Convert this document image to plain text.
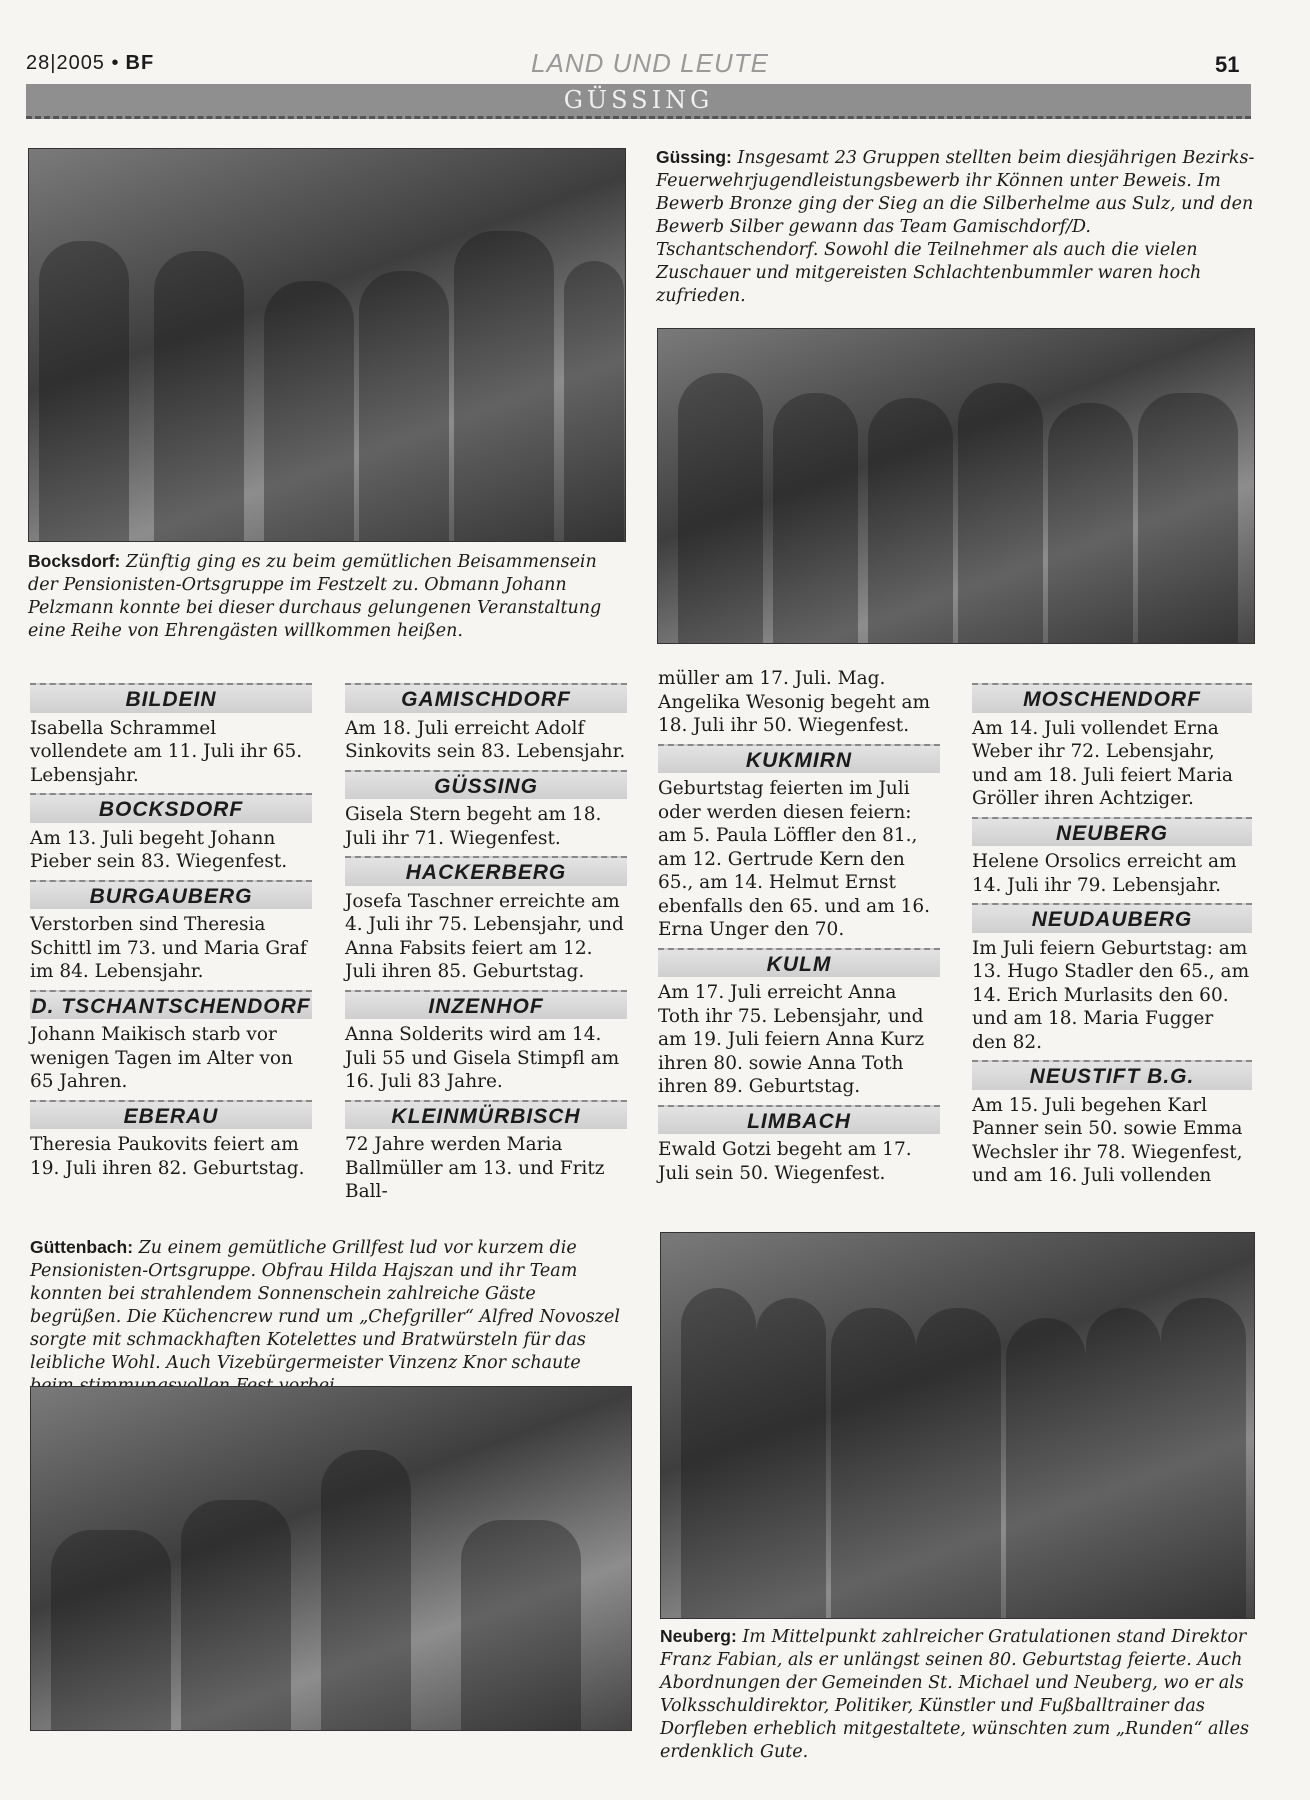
28|2005 • BF	LAND UND LEUTE	51
GÜSSING
Güssing: Insgesamt 23 Gruppen stellten beim diesjährigen Bezirks-Feuerwehrjugendleistungsbewerb ihr Können unter Beweis. Im Bewerb Bronze ging der Sieg an die Silberhelme aus Sulz, und den Bewerb Silber gewann das Team Gamischdorf/D. Tschantschendorf. Sowohl die Teilnehmer als auch die vielen Zuschauer und mitgereisten Schlachtenbummler waren hoch zufrieden.
Bocksdorf: Zünftig ging es zu beim gemütlichen Beisammensein der Pensionisten-Ortsgruppe im Festzelt zu. Obmann Johann Pelzmann konnte bei dieser durchaus gelungenen Veranstaltung eine Reihe von Ehrengästen willkommen heißen.
BILDEIN

Isabella Schrammel vollendete am 11. Juli ihr 65. Lebensjahr.

BOCKSDORF

Am 13. Juli begeht Johann Pieber sein 83. Wiegenfest.

BURGAUBERG

Verstorben sind Theresia Schittl im 73. und Maria Graf im 84. Lebensjahr.

D. TSCHANTSCHENDORF

Johann Maikisch starb vor wenigen Tagen im Alter von 65 Jahren.

EBERAU

Theresia Paukovits feiert am 19. Juli ihren 82. Geburtstag.

GAMISCHDORF

Am 18. Juli erreicht Adolf Sinkovits sein 83. Lebensjahr.

GÜSSING

Gisela Stern begeht am 18. Juli ihr 71. Wiegenfest.

HACKERBERG

Josefa Taschner erreichte am 4. Juli ihr 75. Lebensjahr, und Anna Fabsits feiert am 12. Juli ihren 85. Geburtstag.

INZENHOF

Anna Solderits wird am 14. Juli 55 und Gisela Stimpfl am 16. Juli 83 Jahre.

KLEINMÜRBISCH

72 Jahre werden Maria Ballmüller am 13. und Fritz Ball-

müller am 17. Juli. Mag. Angelika Wesonig begeht am 18. Juli ihr 50. Wiegenfest.

KUKMIRN

Geburtstag feierten im Juli oder werden diesen feiern: am 5. Paula Löffler den 81., am 12. Gertrude Kern den 65., am 14. Helmut Ernst ebenfalls den 65. und am 16. Erna Unger den 70.

KULM

Am 17. Juli erreicht Anna Toth ihr 75. Lebensjahr, und am 19. Juli feiern Anna Kurz ihren 80. sowie Anna Toth ihren 89. Geburtstag.

LIMBACH

Ewald Gotzi begeht am 17. Juli sein 50. Wiegenfest.

MOSCHENDORF

Am 14. Juli vollendet Erna Weber ihr 72. Lebensjahr, und am 18. Juli feiert Maria Gröller ihren Achtziger.

NEUBERG

Helene Orsolics erreicht am 14. Juli ihr 79. Lebensjahr.

NEUDAUBERG

Im Juli feiern Geburtstag: am 13. Hugo Stadler den 65., am 14. Erich Murlasits den 60. und am 18. Maria Fugger den 82.

NEUSTIFT B.G.

Am 15. Juli begehen Karl Panner sein 50. sowie Emma Wechsler ihr 78. Wiegenfest, und am 16. Juli vollenden

Güttenbach: Zu einem gemütliche Grillfest lud vor kurzem die Pensionisten-Ortsgruppe. Obfrau Hilda Hajszan und ihr Team konnten bei strahlendem Sonnenschein zahlreiche Gäste begrüßen. Die Küchencrew rund um „Chefgriller“ Alfred Novoszel sorgte mit schmackhaften Kotelettes und Bratwürsteln für das leibliche Wohl. Auch Vizebürgermeister Vinzenz Knor schaute
Neuberg: Im Mittelpunkt zahlreicher Gratulationen stand Direktor Franz Fabian, als er unlängst seinen 80. Geburtstag feierte. Auch Abordnungen der Gemeinden St. Michael und Neuberg, wo er als Volksschuldirektor, Politiker, Künstler und Fußballtrainer das Dorfleben erheblich mitgestaltete, wünschten zum „Runden“ alles erdenklich Gute.
